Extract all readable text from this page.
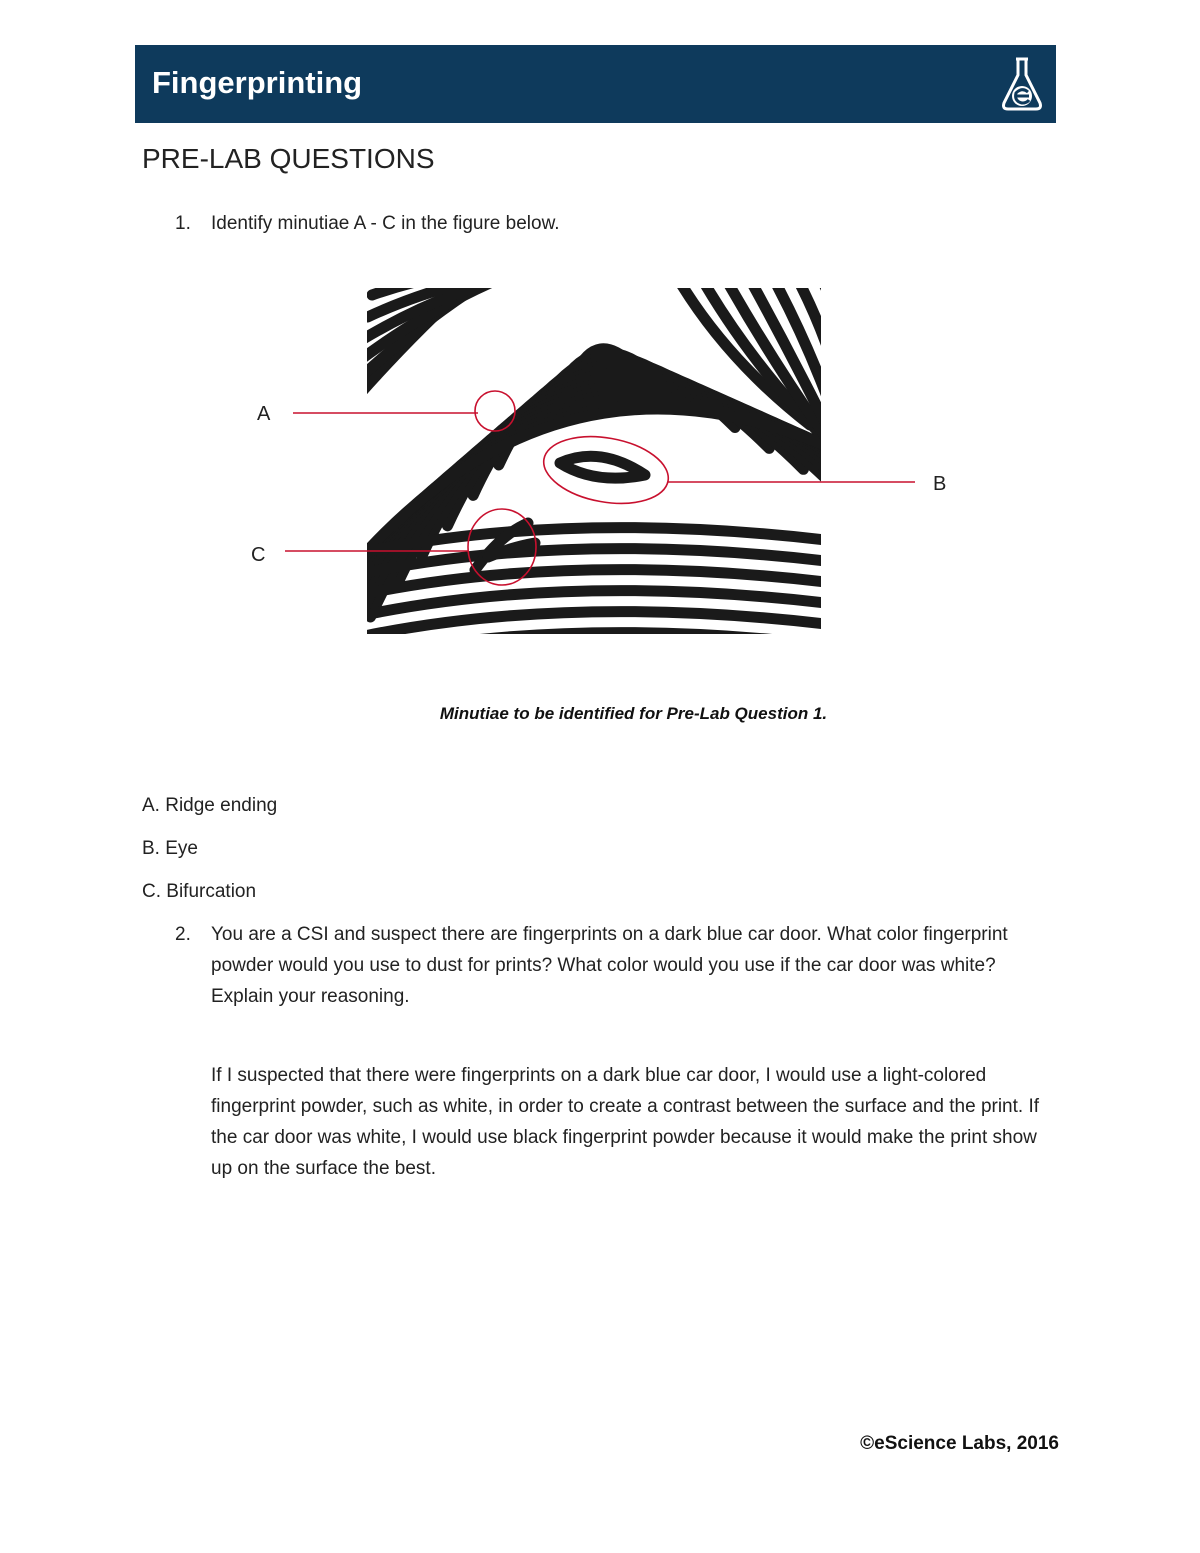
Fingerprinting
PRE-LAB QUESTIONS
1.	Identify minutiae A - C in the figure below.
A
B
C
Minutiae to be identified for Pre-Lab Question 1.
A. Ridge ending
B. Eye
C. Bifurcation
2.	You are a CSI and suspect there are fingerprints on a dark blue car door. What color fingerprint powder would you use to dust for prints? What color would you use if the car door was white? Explain your reasoning.
If I suspected that there were fingerprints on a dark blue car door, I would use a light-colored fingerprint powder, such as white, in order to create a contrast between the surface and the print. If the car door was white, I would use black fingerprint powder because it would make the print show up on the surface the best.
©eScience Labs, 2016
